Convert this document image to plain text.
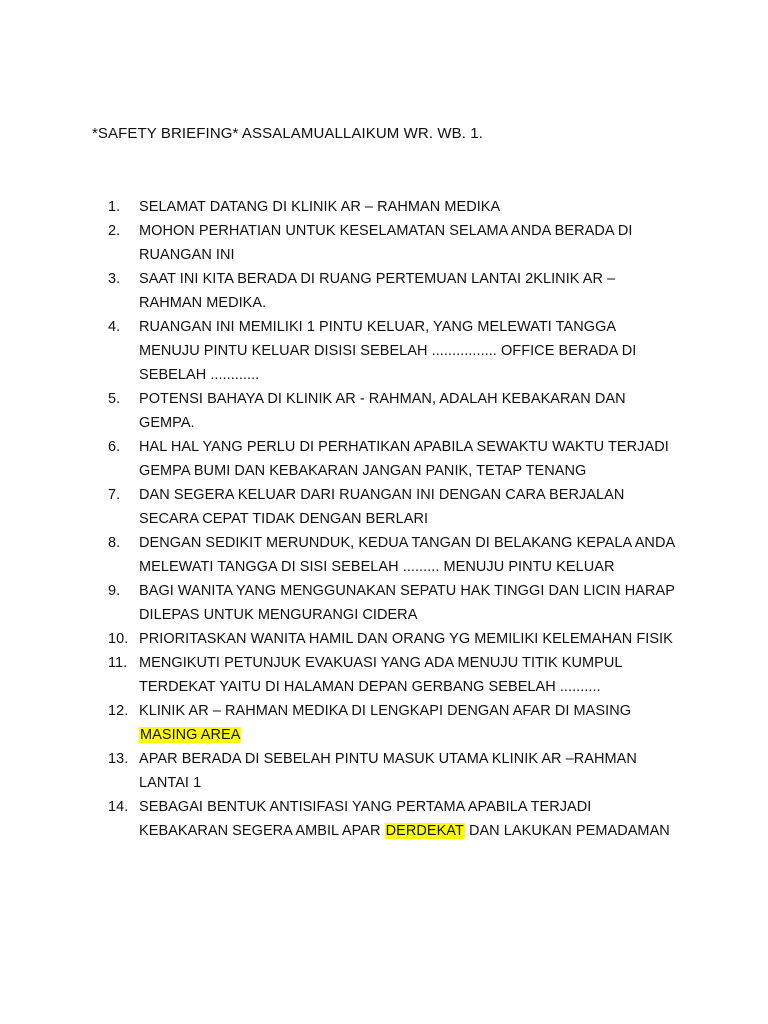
*SAFETY BRIEFING* ASSALAMUALLAIKUM WR. WB. 1.
1. SELAMAT DATANG DI KLINIK AR – RAHMAN MEDIKA
2. MOHON PERHATIAN UNTUK KESELAMATAN SELAMA ANDA BERADA DI RUANGAN INI
3. SAAT INI KITA BERADA DI RUANG PERTEMUAN LANTAI 2KLINIK AR – RAHMAN MEDIKA.
4. RUANGAN INI MEMILIKI 1 PINTU KELUAR, YANG MELEWATI TANGGA MENUJU PINTU KELUAR DISISI SEBELAH ................ OFFICE BERADA DI SEBELAH ............
5. POTENSI BAHAYA DI KLINIK AR - RAHMAN, ADALAH KEBAKARAN DAN GEMPA.
6. HAL HAL YANG PERLU DI PERHATIKAN APABILA SEWAKTU WAKTU TERJADI GEMPA BUMI DAN KEBAKARAN JANGAN PANIK, TETAP TENANG
7. DAN SEGERA KELUAR DARI RUANGAN INI DENGAN CARA BERJALAN SECARA CEPAT TIDAK DENGAN BERLARI
8. DENGAN SEDIKIT MERUNDUK, KEDUA TANGAN DI BELAKANG KEPALA ANDA MELEWATI TANGGA DI SISI SEBELAH ......... MENUJU PINTU KELUAR
9. BAGI WANITA YANG MENGGUNAKAN SEPATU HAK TINGGI DAN LICIN HARAP DILEPAS UNTUK MENGURANGI CIDERA
10. PRIORITASKAN WANITA HAMIL DAN ORANG YG MEMILIKI KELEMAHAN FISIK
11. MENGIKUTI PETUNJUK EVAKUASI YANG ADA MENUJU TITIK KUMPUL TERDEKAT YAITU DI HALAMAN DEPAN GERBANG SEBELAH ..........
12. KLINIK AR – RAHMAN MEDIKA DI LENGKAPI DENGAN AFAR DI MASING MASING AREA
13. APAR BERADA DI SEBELAH PINTU MASUK UTAMA KLINIK AR –RAHMAN LANTAI 1
14. SEBAGAI BENTUK ANTISIFASI YANG PERTAMA APABILA TERJADI KEBAKARAN SEGERA AMBIL APAR DERDEKAT DAN LAKUKAN PEMADAMAN
